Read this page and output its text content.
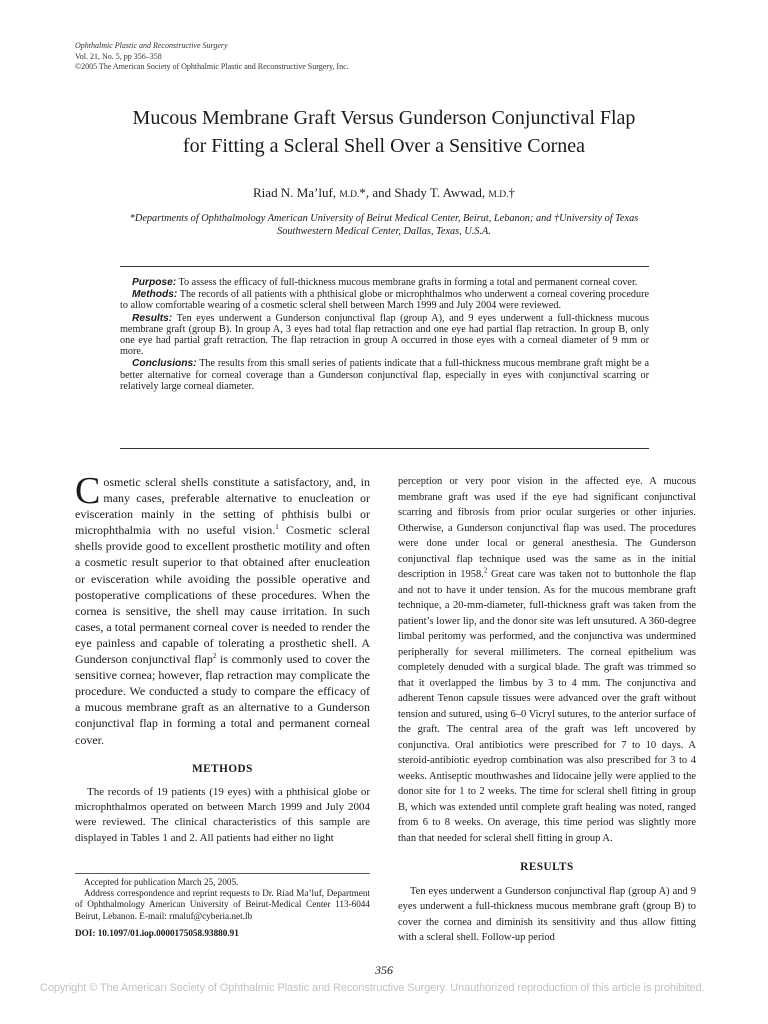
Ophthalmic Plastic and Reconstructive Surgery
Vol. 21, No. 5, pp 356–358
©2005 The American Society of Ophthalmic Plastic and Reconstructive Surgery, Inc.
Mucous Membrane Graft Versus Gunderson Conjunctival Flap
for Fitting a Scleral Shell Over a Sensitive Cornea
Riad N. Ma’luf, M.D.*, and Shady T. Awwad, M.D.†
*Departments of Ophthalmology American University of Beirut Medical Center, Beirut, Lebanon; and †University of Texas
Southwestern Medical Center, Dallas, Texas, U.S.A.

Purpose: To assess the efficacy of full-thickness mucous membrane grafts in forming a total and permanent corneal cover.

Methods: The records of all patients with a phthisical globe or microphthalmos who underwent a corneal covering procedure to allow comfortable wearing of a cosmetic scleral shell between March 1999 and July 2004 were reviewed.

Results: Ten eyes underwent a Gunderson conjunctival flap (group A), and 9 eyes underwent a full-thickness mucous membrane graft (group B). In group A, 3 eyes had total flap retraction and one eye had partial flap retraction. In group B, only one eye had partial graft retraction. The flap retraction in group A occurred in those eyes with a corneal diameter of 9 mm or more.

Conclusions: The results from this small series of patients indicate that a full-thickness mucous membrane graft might be a better alternative for corneal coverage than a Gunderson conjunctival flap, especially in eyes with conjunctival scarring or relatively large corneal diameter.

Cosmetic scleral shells constitute a satisfactory, and, in many cases, preferable alternative to enucleation or evisceration mainly in the setting of phthisis bulbi or microphthalmia with no useful vision.$^1$ Cosmetic scleral shells provide good to excellent prosthetic motility and often a cosmetic result superior to that obtained after enucleation or evisceration while avoiding the possible operative and postoperative complications of these procedures. When the cornea is sensitive, the shell may cause irritation. In such cases, a total permanent corneal cover is needed to render the eye painless and capable of tolerating a prosthetic shell. A Gunderson conjunctival flap$^2$ is commonly used to cover the sensitive cornea; however, flap retraction may complicate the procedure. We conducted a study to compare the efficacy of a mucous membrane graft as an alternative to a Gunderson conjunctival flap in forming a total and permanent corneal cover.

METHODS

The records of 19 patients (19 eyes) with a phthisical globe or microphthalmos operated on between March 1999 and July 2004 were reviewed. The clinical characteristics of this sample are displayed in Tables 1 and 2. All patients had either no light

perception or very poor vision in the affected eye. A mucous membrane graft was used if the eye had significant conjunctival scarring and fibrosis from prior ocular surgeries or other injuries. Otherwise, a Gunderson conjunctival flap was used. The procedures were done under local or general anesthesia. The Gunderson conjunctival flap technique used was the same as in the initial description in 1958.$^2$ Great care was taken not to buttonhole the flap and not to have it under tension. As for the mucous membrane graft technique, a 20-mm-diameter, full-thickness graft was taken from the patient’s lower lip, and the donor site was left unsutured. A 360-degree limbal peritomy was performed, and the conjunctiva was undermined peripherally for several millimeters. The corneal epithelium was completely denuded with a surgical blade. The graft was trimmed so that it overlapped the limbus by 3 to 4 mm. The conjunctiva and adherent Tenon capsule tissues were advanced over the graft without tension and sutured, using 6–0 Vicryl sutures, to the anterior surface of the graft. The central area of the graft was left uncovered by conjunctiva. Oral antibiotics were prescribed for 7 to 10 days. A steroid-antibiotic eyedrop combination was also prescribed for 3 to 4 weeks. Antiseptic mouthwashes and lidocaine jelly were applied to the donor site for 1 to 2 weeks. The time for scleral shell fitting in group B, which was extended until complete graft healing was noted, ranged from 6 to 8 weeks. On average, this time period was slightly more than that needed for scleral shell fitting in group A.

RESULTS

Ten eyes underwent a Gunderson conjunctival flap (group A) and 9 eyes underwent a full-thickness mucous membrane graft (group B) to cover the cornea and diminish its sensitivity and thus allow fitting with a scleral shell. Follow-up period

Accepted for publication March 25, 2005.

Address correspondence and reprint requests to Dr. Riad Ma’luf, Department of Ophthalmology American University of Beirut-Medical Center 113-6044 Beirut, Lebanon. E-mail: rmaluf@cyberia.net.lb

DOI: 10.1097/01.iop.0000175058.93880.91

356
Copyright © The American Society of Ophthalmic Plastic and Reconstructive Surgery. Unauthorized reproduction of this article is prohibited.
